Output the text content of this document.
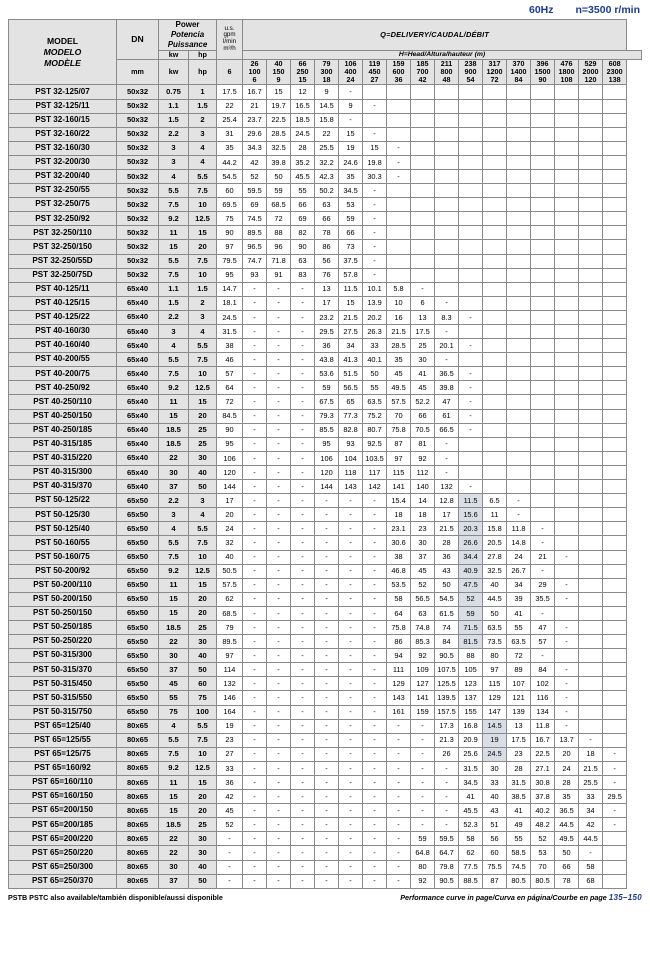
60Hz n=3500 r/min
MODEL
MODELO
MODÈLE
	DN	Power
Potencia
Puissance

u.s.
gpm
l/min
m³/h
	Q=DELIVERY/CAUDAL/DÉBIT
		kw	hp		H=Head/Altura/hauteur (m)															
	mm	kw	hp	6	26
100
6	40
150
9	66
250
15	79
300
18	106
400
24	119
450
27	159
600
36	185
700
42	211
800
48	238
900
54	317
1200
72	370
1400
84	396
1500
90	476
1800
108	529
2000
120	608
2300
138

PST 32-125/07	50x32	0.75	1	17.5	16.7	15	12	9	-											
PST 32-125/11	50x32	1.1	1.5	22	21	19.7	16.5	14.5	9	-										
PST 32-160/15	50x32	1.5	2	25.4	23.7	22.5	18.5	15.8	-											
PST 32-160/22	50x32	2.2	3	31	29.6	28.5	24.5	22	15	-										
PST 32-160/30	50x32	3	4	35	34.3	32.5	28	25.5	19	15	-									
PST 32-200/30	50x32	3	4	44.2	42	39.8	35.2	32.2	24.6	19.8	-									
PST 32-200/40	50x32	4	5.5	54.5	52	50	45.5	42.3	35	30.3	-									
PST 32-250/55	50x32	5.5	7.5	60	59.5	59	55	50.2	34.5	-										
PST 32-250/75	50x32	7.5	10	69.5	69	68.5	66	63	53	-										
PST 32-250/92	50x32	9.2	12.5	75	74.5	72	69	66	59	-										
PST 32-250/110	50x32	11	15	90	89.5	88	82	78	66	-										
PST 32-250/150	50x32	15	20	97	96.5	96	90	86	73	-										
PST 32-250/55D	50x32	5.5	7.5	79.5	74.7	71.8	63	56	37.5	-										
PST 32-250/75D	50x32	7.5	10	95	93	91	83	76	57.8	-										
PST 40-125/11	65x40	1.1	1.5	14.7	-	-	-	13	11.5	10.1	5.8	-								
PST 40-125/15	65x40	1.5	2	18.1	-	-	-	17	15	13.9	10	6	-							
PST 40-125/22	65x40	2.2	3	24.5	-	-	-	23.2	21.5	20.2	16	13	8.3	-						
PST 40-160/30	65x40	3	4	31.5	-	-	-	29.5	27.5	26.3	21.5	17.5	-							
PST 40-160/40	65x40	4	5.5	38	-	-	-	36	34	33	28.5	25	20.1	-						
PST 40-200/55	65x40	5.5	7.5	46	-	-	-	43.8	41.3	40.1	35	30	-							
PST 40-200/75	65x40	7.5	10	57	-	-	-	53.6	51.5	50	45	41	36.5	-						
PST 40-250/92	65x40	9.2	12.5	64	-	-	-	59	56.5	55	49.5	45	39.8	-						
PST 40-250/110	65x40	11	15	72	-	-	-	67.5	65	63.5	57.5	52.2	47	-						
PST 40-250/150	65x40	15	20	84.5	-	-	-	79.3	77.3	75.2	70	66	61	-						
PST 40-250/185	65x40	18.5	25	90	-	-	-	85.5	82.8	80.7	75.8	70.5	66.5	-						
PST 40-315/185	65x40	18.5	25	95	-	-	-	95	93	92.5	87	81	-							
PST 40-315/220	65x40	22	30	106	-	-	-	106	104	103.5	97	92	-							
PST 40-315/300	65x40	30	40	120	-	-	-	120	118	117	115	112	-							
PST 40-315/370	65x40	37	50	144	-	-	-	144	143	142	141	140	132	-						
PST 50-125/22	65x50	2.2	3	17	-	-	-	-	-	-	15.4	14	12.8	11.5	6.5	-				
PST 50-125/30	65x50	3	4	20	-	-	-	-	-	-	18	18	17	15.6	11	-				
PST 50-125/40	65x50	4	5.5	24	-	-	-	-	-	-	23.1	23	21.5	20.3	15.8	11.8	-			
PST 50-160/55	65x50	5.5	7.5	32	-	-	-	-	-	-	30.6	30	28	26.6	20.5	14.8	-			
PST 50-160/75	65x50	7.5	10	40	-	-	-	-	-	-	38	37	36	34.4	27.8	24	21	-		
PST 50-200/92	65x50	9.2	12.5	50.5	-	-	-	-	-	-	46.8	45	43	40.9	32.5	26.7	-			
PST 50-200/110	65x50	11	15	57.5	-	-	-	-	-	-	53.5	52	50	47.5	40	34	29	-		
PST 50-200/150	65x50	15	20	62	-	-	-	-	-	-	58	56.5	54.5	52	44.5	39	35.5	-		
PST 50-250/150	65x50	15	20	68.5	-	-	-	-	-	-	64	63	61.5	59	50	41	-			
PST 50-250/185	65x50	18.5	25	79	-	-	-	-	-	-	75.8	74.8	74	71.5	63.5	55	47	-		
PST 50-250/220	65x50	22	30	89.5	-	-	-	-	-	-	86	85.3	84	81.5	73.5	63.5	57	-		
PST 50-315/300	65x50	30	40	97	-	-	-	-	-	-	94	92	90.5	88	80	72	-			
PST 50-315/370	65x50	37	50	114	-	-	-	-	-	-	111	109	107.5	105	97	89	84	-		
PST 50-315/450	65x50	45	60	132	-	-	-	-	-	-	129	127	125.5	123	115	107	102	-		
PST 50-315/550	65x50	55	75	146	-	-	-	-	-	-	143	141	139.5	137	129	121	116	-		
PST 50-315/750	65x50	75	100	164	-	-	-	-	-	-	161	159	157.5	155	147	139	134	-		
PST 65=125/40	80x65	4	5.5	19	-	-	-	-	-	-	-	-	17.3	16.8	14.5	13	11.8	-		
PST 65=125/55	80x65	5.5	7.5	23	-	-	-	-	-	-	-	-	21.3	20.9	19	17.5	16.7	13.7	-	
PST 65=125/75	80x65	7.5	10	27	-	-	-	-	-	-	-	-	26	25.6	24.5	23	22.5	20	18	-
PST 65=160/92	80x65	9.2	12.5	33	-	-	-	-	-	-	-	-	-	31.5	30	28	27.1	24	21.5	-
PST 65=160/110	80x65	11	15	36	-	-	-	-	-	-	-	-	-	34.5	33	31.5	30.8	28	25.5	-
PST 65=160/150	80x65	15	20	42	-	-	-	-	-	-	-	-	-	41	40	38.5	37.8	35	33	29.5
PST 65=200/150	80x65	15	20	45	-	-	-	-	-	-	-	-	-	45.5	43	41	40.2	36.5	34	-
PST 65=200/185	80x65	18.5	25	52	-	-	-	-	-	-	-	-	-	52.3	51	49	48.2	44.5	42	-
PST 65=200/220	80x65	22	30	-	-	-	-	-	-	-	-	59	59.5	58	56	55	52	49.5	44.5	
PST 65=250/220	80x65	22	30	-	-	-	-	-	-	-	-	64.8	64.7	62	60	58.5	53	50	-	
PST 65=250/300	80x65	30	40	-	-	-	-	-	-	-	-	80	79.8	77.5	75.5	74.5	70	66	58	
PST 65=250/370	80x65	37	50	-	-	-	-	-	-	-	-	92	90.5	88.5	87	80.5	80.5	78	68	
PSTB PSTC also available/también disponible/aussi disponible	Performance curve in page/Curva en página/Courbe en page 135–150
